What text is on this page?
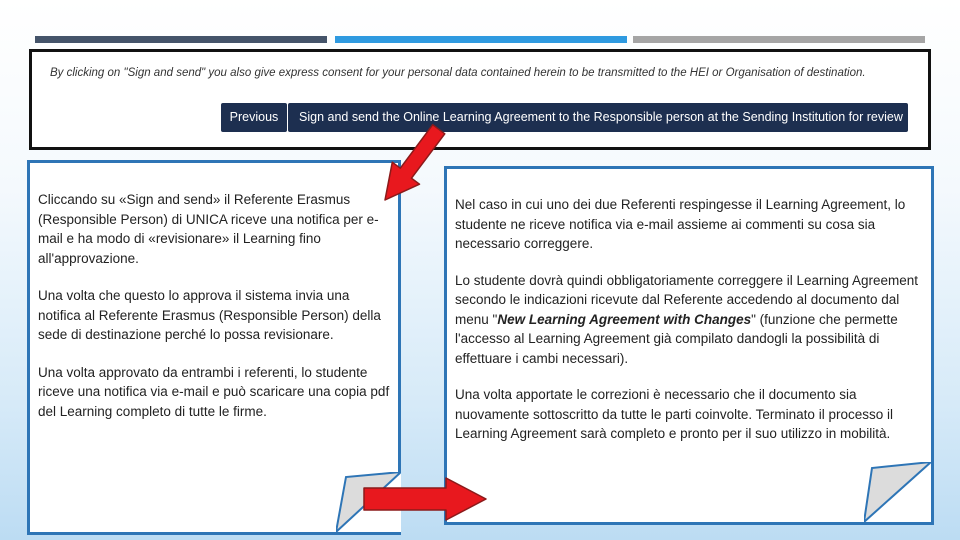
By clicking on "Sign and send" you also give express consent for your personal data contained herein to be transmitted to the HEI or Organisation of destination.
Previous	Sign and send the Online Learning Agreement to the Responsible person at the Sending Institution for review

Cliccando su «Sign and send» il Referente Erasmus (Responsible Person) di UNICA riceve una notifica per e-mail e ha modo di «revisionare» il Learning fino all'approvazione.

Una volta che questo lo approva il sistema invia una notifica al Referente Erasmus (Responsible Person) della sede di destinazione perché lo possa revisionare.

Una volta approvato da entrambi i referenti, lo studente riceve una notifica via e-mail e può scaricare una copia pdf del Learning completo di tutte le firme.

Nel caso in cui uno dei due Referenti respingesse il Learning Agreement, lo studente ne riceve notifica via e-mail assieme ai commenti su cosa sia necessario correggere.

Lo studente dovrà quindi obbligatoriamente correggere il Learning Agreement secondo le indicazioni ricevute dal Referente accedendo al documento dal menu "New Learning Agreement with Changes" (funzione che permette l'accesso al Learning Agreement già compilato dandogli la possibilità di effettuare i cambi necessari).

Una volta apportate le correzioni è necessario che il documento sia nuovamente sottoscritto da tutte le parti coinvolte. Terminato il processo il Learning Agreement sarà completo e pronto per il suo utilizzo in mobilità.
